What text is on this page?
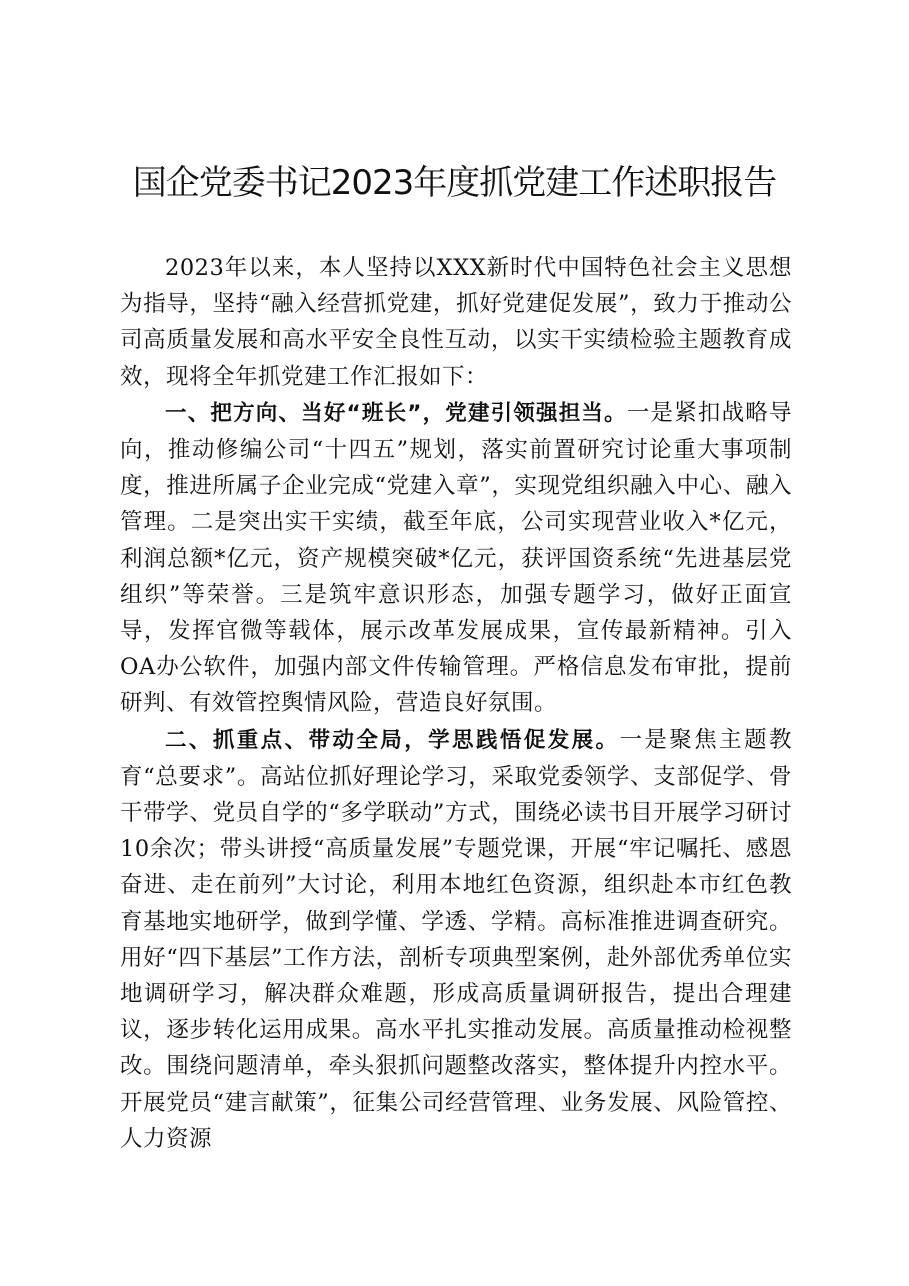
国企党委书记2023年度抓党建工作述职报告

2023年以来，本人坚持以XXX新时代中国特色社会主义思想为指导，坚持“融入经营抓党建，抓好党建促发展”，致力于推动公司高质量发展和高水平安全良性互动，以实干实绩检验主题教育成效，现将全年抓党建工作汇报如下：

一、把方向、当好“班长”，党建引领强担当。一是紧扣战略导向，推动修编公司“十四五”规划，落实前置研究讨论重大事项制度，推进所属子企业完成“党建入章”，实现党组织融入中心、融入管理。二是突出实干实绩，截至年底，公司实现营业收入*亿元，利润总额*亿元，资产规模突破*亿元，获评国资系统“先进基层党组织”等荣誉。三是筑牢意识形态，加强专题学习，做好正面宣导，发挥官微等载体，展示改革发展成果，宣传最新精神。引入OA办公软件，加强内部文件传输管理。严格信息发布审批，提前研判、有效管控舆情风险，营造良好氛围。

二、抓重点、带动全局，学思践悟促发展。一是聚焦主题教育“总要求”。高站位抓好理论学习，采取党委领学、支部促学、骨干带学、党员自学的“多学联动”方式，围绕必读书目开展学习研讨10余次；带头讲授“高质量发展”专题党课，开展“牢记嘱托、感恩奋进、走在前列”大讨论，利用本地红色资源，组织赴本市红色教育基地实地研学，做到学懂、学透、学精。高标准推进调查研究。用好“四下基层”工作方法，剖析专项典型案例，赴外部优秀单位实地调研学习，解决群众难题，形成高质量调研报告，提出合理建议，逐步转化运用成果。高水平扎实推动发展。高质量推动检视整改。围绕问题清单，牵头狠抓问题整改落实，整体提升内控水平。开展党员“建言献策”，征集公司经营管理、业务发展、风险管控、人力资源
